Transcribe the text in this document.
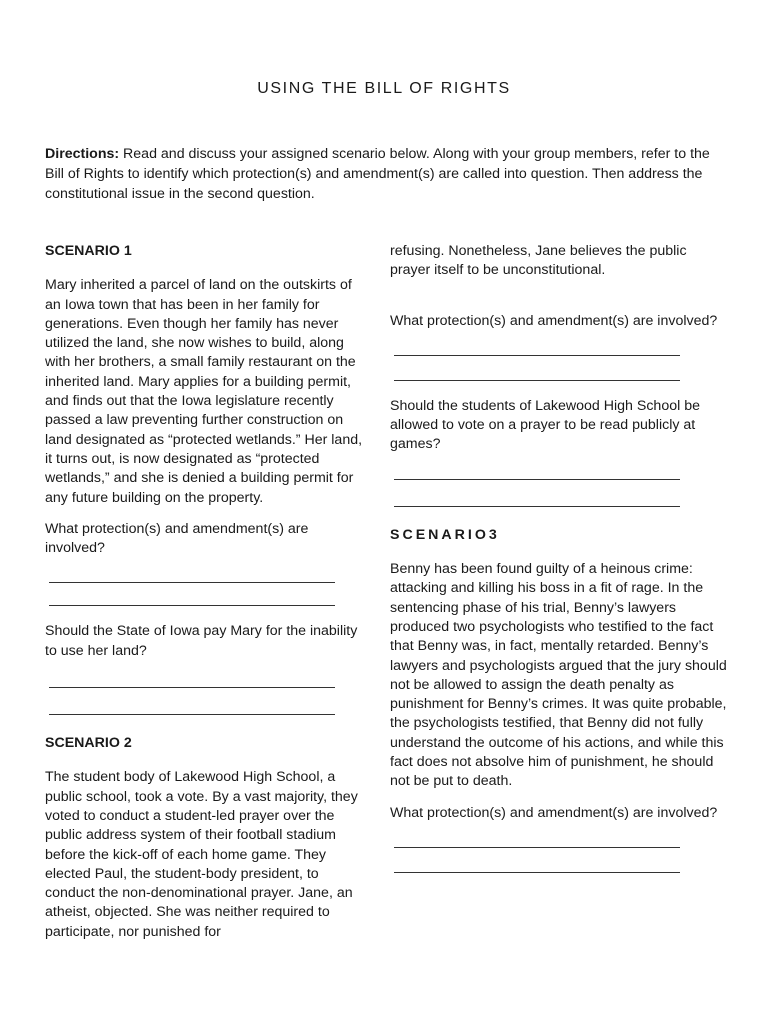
USING THE BILL OF RIGHTS

Directions: Read and discuss your assigned scenario below. Along with your group members, refer to the Bill of Rights to identify which protection(s) and amendment(s) are called into question. Then address the constitutional issue in the second question.

SCENARIO 1

Mary inherited a parcel of land on the outskirts of an Iowa town that has been in her family for generations. Even though her family has never utilized the land, she now wishes to build, along with her brothers, a small family restaurant on the inherited land. Mary applies for a building permit, and finds out that the Iowa legislature recently passed a law preventing further construction on land designated as “protected wetlands.” Her land, it turns out, is now designated as “protected wetlands,” and she is denied a building permit for any future building on the property.

What protection(s) and amendment(s) are involved?

Should the State of Iowa pay Mary for the inability to use her land?

SCENARIO 2

The student body of Lakewood High School, a public school, took a vote. By a vast majority, they voted to conduct a student-led prayer over the public address system of their football stadium before the kick-off of each home game. They elected Paul, the student-body president, to conduct the non-denominational prayer. Jane, an atheist, objected. She was neither required to participate, nor punished for

refusing. Nonetheless, Jane believes the public prayer itself to be unconstitutional.

What protection(s) and amendment(s) are involved?

Should the students of Lakewood High School be allowed to vote on a prayer to be read publicly at games?

SCENARIO3

Benny has been found guilty of a heinous crime: attacking and killing his boss in a fit of rage. In the sentencing phase of his trial, Benny’s lawyers produced two psychologists who testified to the fact that Benny was, in fact, mentally retarded. Benny’s lawyers and psychologists argued that the jury should not be allowed to assign the death penalty as punishment for Benny’s crimes. It was quite probable, the psychologists testified, that Benny did not fully understand the outcome of his actions, and while this fact does not absolve him of punishment, he should not be put to death.

What protection(s) and amendment(s) are involved?
